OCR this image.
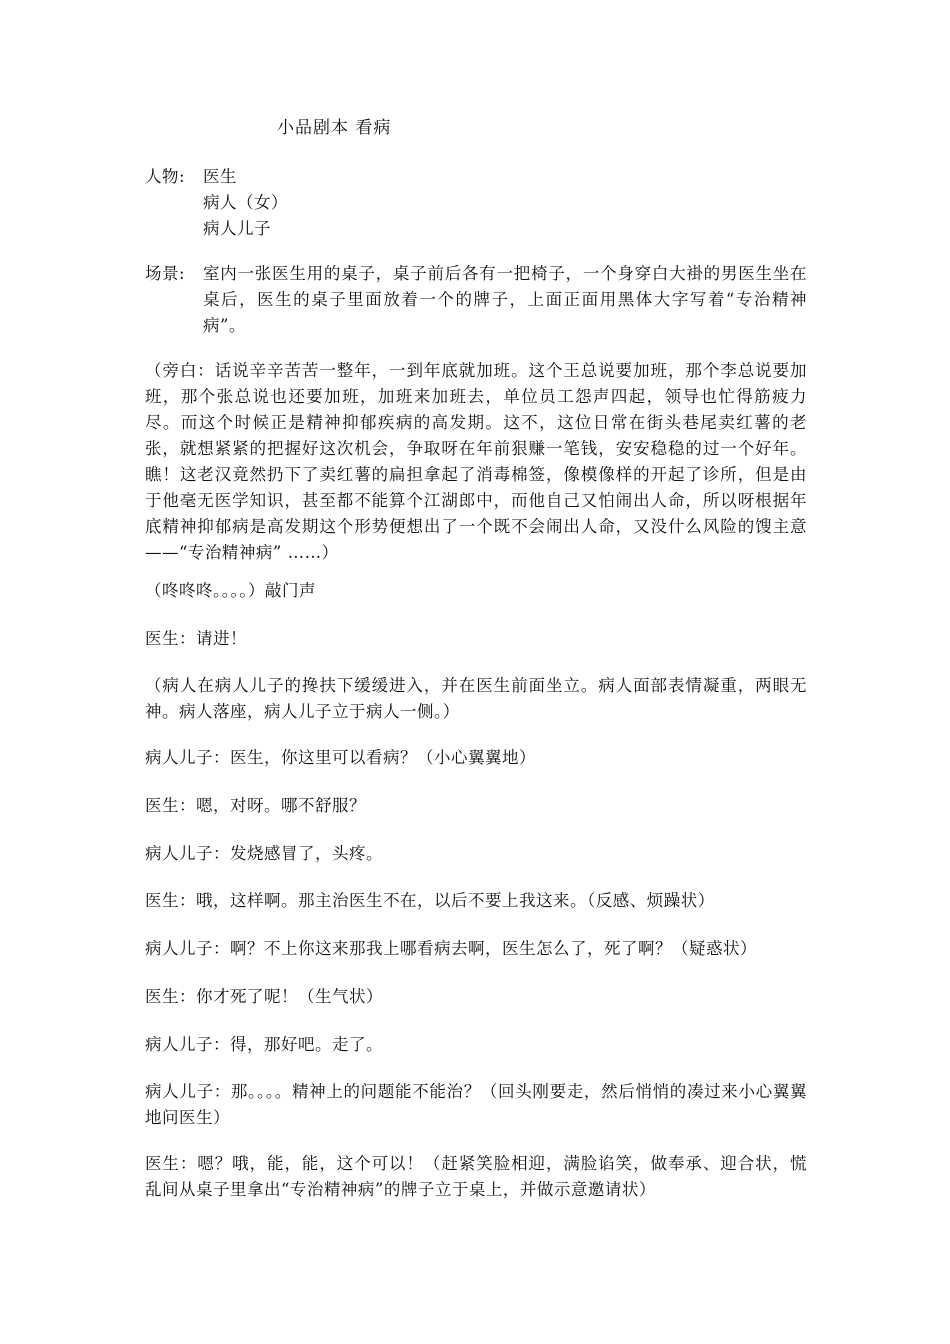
小品剧本 看病
人物: 医生
病人（女）
病人儿子
场景: 室内一张医生用的桌子，桌子前后各有一把椅子，一个身穿白大褂的男医生坐在桌后，医生的桌子里面放着一个的牌子，上面正面用黑体大字写着“专治精神病”。
（旁白：话说辛辛苦苦一整年，一到年底就加班。这个王总说要加班，那个李总说要加班，那个张总说也还要加班，加班来加班去，单位员工怨声四起，领导也忙得筋疲力尽。而这个时候正是精神抑郁疾病的高发期。这不，这位日常在街头巷尾卖红薯的老张，就想紧紧的把握好这次机会，争取呀在年前狠赚一笔钱，安安稳稳的过一个好年。瞧！这老汉竟然扔下了卖红薯的扁担拿起了消毒棉签，像模像样的开起了诊所，但是由于他毫无医学知识，甚至都不能算个江湖郎中，而他自己又怕闹出人命，所以呀根据年底精神抑郁病是高发期这个形势便想出了一个既不会闹出人命，又没什么风险的馊主意——“专治精神病” ……）
（咚咚咚。。。。）敲门声
医生：请进！
（病人在病人儿子的搀扶下缓缓进入，并在医生前面坐立。病人面部表情凝重，两眼无神。病人落座，病人儿子立于病人一侧。）
病人儿子：医生，你这里可以看病？（小心翼翼地）
医生：嗯，对呀。哪不舒服？
病人儿子：发烧感冒了，头疼。
医生：哦，这样啊。那主治医生不在，以后不要上我这来。（反感、烦躁状）
病人儿子：啊？不上你这来那我上哪看病去啊，医生怎么了，死了啊？（疑惑状）
医生：你才死了呢！（生气状）
病人儿子：得，那好吧。走了。
病人儿子：那。。。。精神上的问题能不能治？（回头刚要走，然后悄悄的凑过来小心翼翼地问医生）
医生：嗯？哦，能，能，这个可以！（赶紧笑脸相迎，满脸谄笑，做奉承、迎合状，慌乱间从桌子里拿出“专治精神病”的牌子立于桌上，并做示意邀请状）
